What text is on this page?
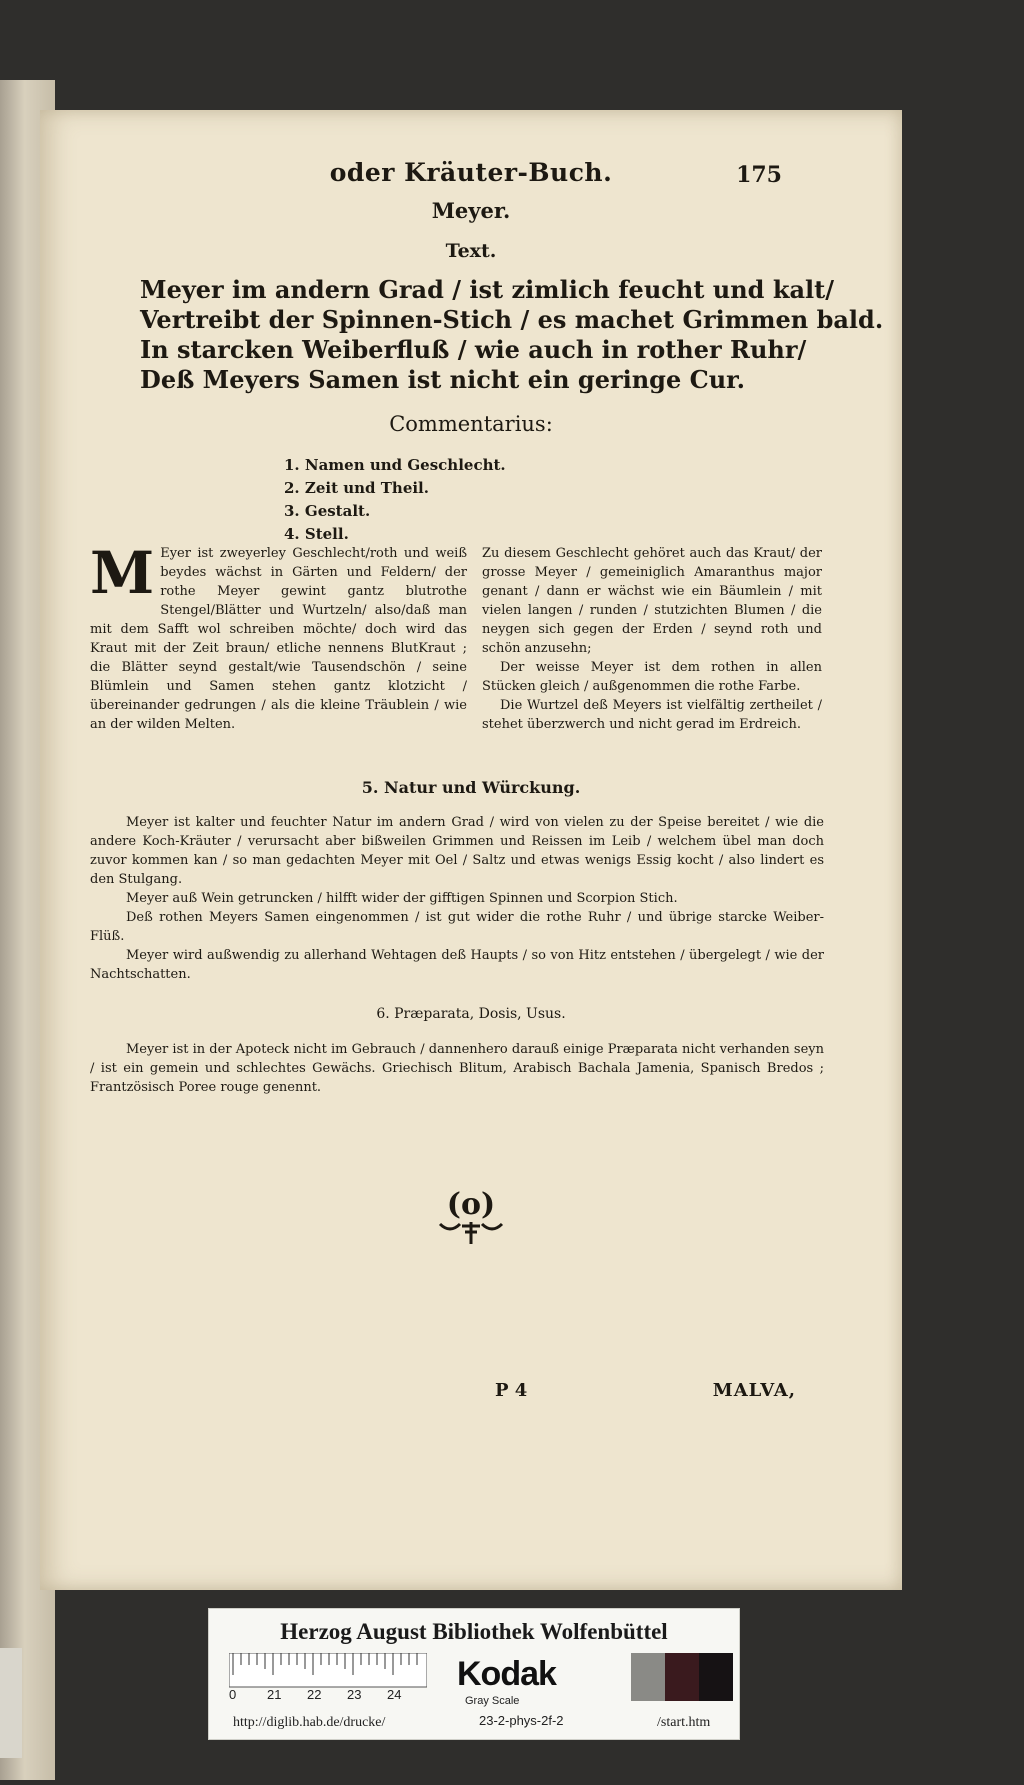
oder Kräuter-Buch.	175
Meyer.
Text.
Meyer im andern Grad / ist zimlich feucht und kalt/
Vertreibt der Spinnen-Stich / es machet Grimmen bald.
In starcken Weiberfluß / wie auch in rother Ruhr/
Deß Meyers Samen ist nicht ein geringe Cur.
Commentarius:
1. Namen und Geschlecht.
2. Zeit und Theil.
3. Gestalt.
4. Stell.
M Eyer ist zweyerley Geschlecht/roth und weiß beydes wächst in Gärten und Feldern/ der rothe Meyer gewint gantz blutrothe Stengel/Blätter und Wurtzeln/ also/daß man mit dem Safft wol schreiben möchte/ doch wird das Kraut mit der Zeit braun/ etliche nennens BlutKraut ; die Blätter seynd gestalt/wie Tausendschön / seine Blümlein und Samen stehen gantz klotzicht / übereinander gedrungen / als die kleine Träublein / wie an der wilden Melten.

Zu diesem Geschlecht gehöret auch das Kraut/ der grosse Meyer / gemeiniglich Amaranthus major genant / dann er wächst wie ein Bäumlein / mit vielen langen / runden / stutzichten Blumen / die neygen sich gegen der Erden / seynd roth und schön anzusehn;

Der weisse Meyer ist dem rothen in allen Stücken gleich / außgenommen die rothe Farbe.

Die Wurtzel deß Meyers ist vielfältig zertheilet / stehet überzwerch und nicht gerad im Erdreich.

5. Natur und Würckung.

Meyer ist kalter und feuchter Natur im andern Grad / wird von vielen zu der Speise bereitet / wie die andere Koch-Kräuter / verursacht aber bißweilen Grimmen und Reissen im Leib / welchem übel man doch zuvor kommen kan / so man gedachten Meyer mit Oel / Saltz und etwas wenigs Essig kocht / also lindert es den Stulgang.

Meyer auß Wein getruncken / hilfft wider der gifftigen Spinnen und Scorpion Stich.

Deß rothen Meyers Samen eingenommen / ist gut wider die rothe Ruhr / und übrige starcke Weiber-Flüß.

Meyer wird außwendig zu allerhand Wehtagen deß Haupts / so von Hitz entstehen / übergelegt / wie der Nachtschatten.

6. Præparata, Dosis, Usus.
Meyer ist in der Apoteck nicht im Gebrauch / dannenhero darauß einige Præparata nicht verhanden seyn / ist ein gemein und schlechtes Gewächs. Griechisch Blitum, Arabisch Bachala Jamenia, Spanisch Bredos ; Frantzösisch Poree rouge genennt.
(o)
P 4	MALVA,
Herzog August Bibliothek Wolfenbüttel
0 21 22 23 24
Kodak
Gray Scale
http://diglib.hab.de/drucke/	23-2-phys-2f-2	/start.htm
